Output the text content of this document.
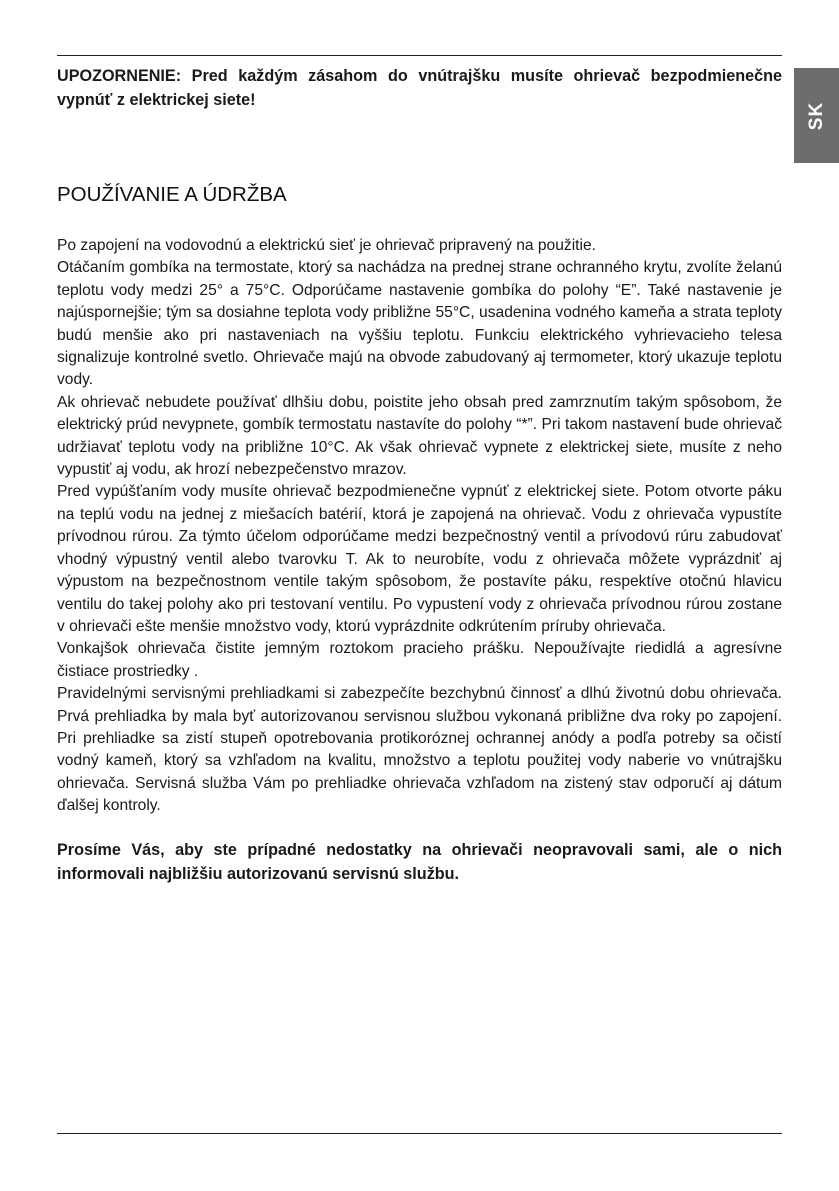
SK

UPOZORNENIE: Pred každým zásahom do vnútrajšku musíte ohrievač bezpodmienečne vypnúť z elektrickej siete!

POUŽÍVANIE A ÚDRŽBA

Po zapojení na vodovodnú a elektrickú sieť je ohrievač pripravený na použitie.

Otáčaním gombíka na termostate, ktorý sa nachádza na prednej strane ochranného krytu, zvolíte želanú teplotu vody medzi 25° a 75°C. Odporúčame nastavenie gombíka do polohy “E”. Také nastavenie je najúspornejšie; tým sa dosiahne teplota vody približne 55°C, usadenina vodného kameňa a strata teploty budú menšie ako pri nastaveniach na vyššiu teplotu. Funkciu elektrického vyhrievacieho telesa signalizuje kontrolné svetlo. Ohrievače majú na obvode zabudovaný aj termometer, ktorý ukazuje teplotu vody.

Ak ohrievač nebudete používať dlhšiu dobu, poistite jeho obsah pred zamrznutím takým spôsobom, že elektrický prúd nevypnete, gombík termostatu nastavíte do polohy “*”. Pri takom nastavení bude ohrievač udržiavať teplotu vody na približne 10°C. Ak však ohrievač vypnete z elektrickej siete, musíte z neho vypustiť aj vodu, ak hrozí nebezpečenstvo mrazov.

Pred vypúšťaním vody musíte ohrievač bezpodmienečne vypnúť z elektrickej siete. Potom otvorte páku na teplú vodu na jednej z miešacích batérií, ktorá je zapojená na ohrievač. Vodu z ohrievača vypustíte prívodnou rúrou. Za týmto účelom odporúčame medzi bezpečnostný ventil a prívodovú rúru zabudovať vhodný výpustný ventil alebo tvarovku T. Ak to neurobíte, vodu z ohrievača môžete vyprázdniť aj výpustom na bezpečnostnom ventile takým spôsobom, že postavíte páku, respektíve otočnú hlavicu ventilu do takej polohy ako pri testovaní ventilu. Po vypustení vody z ohrievača prívodnou rúrou zostane v ohrievači ešte menšie množstvo vody, ktorú vyprázdnite odkrútením príruby ohrievača.

Vonkajšok ohrievača čistite jemným roztokom pracieho prášku. Nepoužívajte riedidlá a agresívne čistiace prostriedky .

Pravidelnými servisnými prehliadkami si zabezpečíte bezchybnú činnosť a dlhú životnú dobu ohrievača. Prvá prehliadka by mala byť autorizovanou servisnou službou vykonaná približne dva roky po zapojení. Pri prehliadke sa zistí stupeň opotrebovania protikoróznej ochrannej anódy a podľa potreby sa očistí vodný kameň, ktorý sa vzhľadom na kvalitu, množstvo a teplotu použitej vody naberie vo vnútrajšku ohrievača. Servisná služba Vám po prehliadke ohrievača vzhľadom na zistený stav odporučí aj dátum ďalšej kontroly.

Prosíme Vás, aby ste prípadné nedostatky na ohrievači neopravovali sami, ale o nich informovali najbližšiu autorizovanú servisnú službu.
